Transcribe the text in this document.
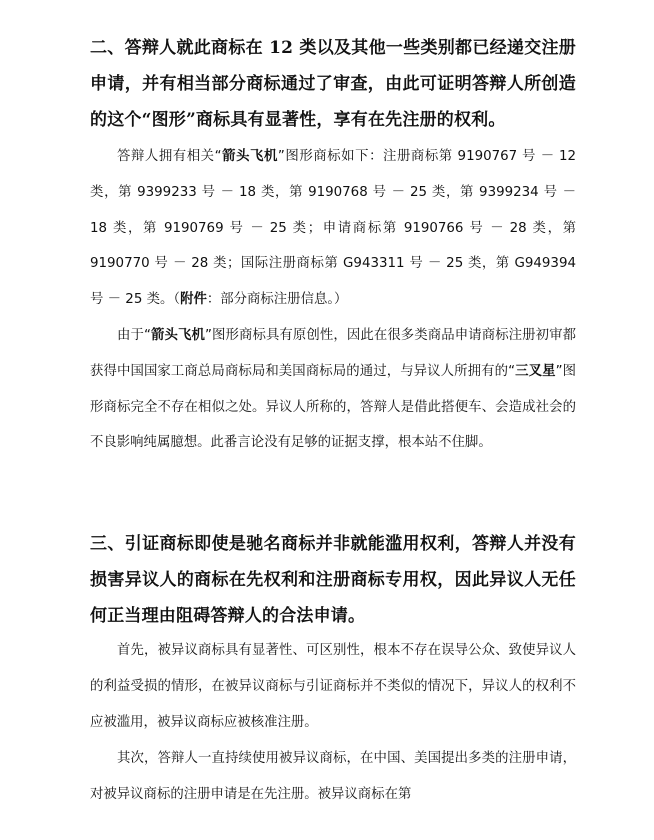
二、答辩人就此商标在 12 类以及其他一些类别都已经递交注册申请，并有相当部分商标通过了审查，由此可证明答辩人所创造的这个“图形”商标具有显著性，享有在先注册的权利。

答辩人拥有相关“箭头飞机”图形商标如下：注册商标第 9190767 号 － 12 类，第 9399233 号 － 18 类，第 9190768 号 － 25 类，第 9399234 号 － 18 类，第 9190769 号 － 25 类；申请商标第 9190766 号 － 28 类，第 9190770 号 － 28 类；国际注册商标第 G943311 号 － 25 类，第 G949394 号 － 25 类。（附件：部分商标注册信息。）

由于“箭头飞机”图形商标具有原创性，因此在很多类商品申请商标注册初审都获得中国国家工商总局商标局和美国商标局的通过，与异议人所拥有的“三叉星”图形商标完全不存在相似之处。异议人所称的，答辩人是借此搭便车、会造成社会的不良影响纯属臆想。此番言论没有足够的证据支撑，根本站不住脚。

三、引证商标即使是驰名商标并非就能滥用权利，答辩人并没有损害异议人的商标在先权利和注册商标专用权，因此异议人无任何正当理由阻碍答辩人的合法申请。

首先，被异议商标具有显著性、可区别性，根本不存在误导公众、致使异议人的利益受损的情形，在被异议商标与引证商标并不类似的情况下，异议人的权利不应被滥用，被异议商标应被核准注册。

其次，答辩人一直持续使用被异议商标，在中国、美国提出多类的注册申请，对被异议商标的注册申请是在先注册。被异议商标在第
